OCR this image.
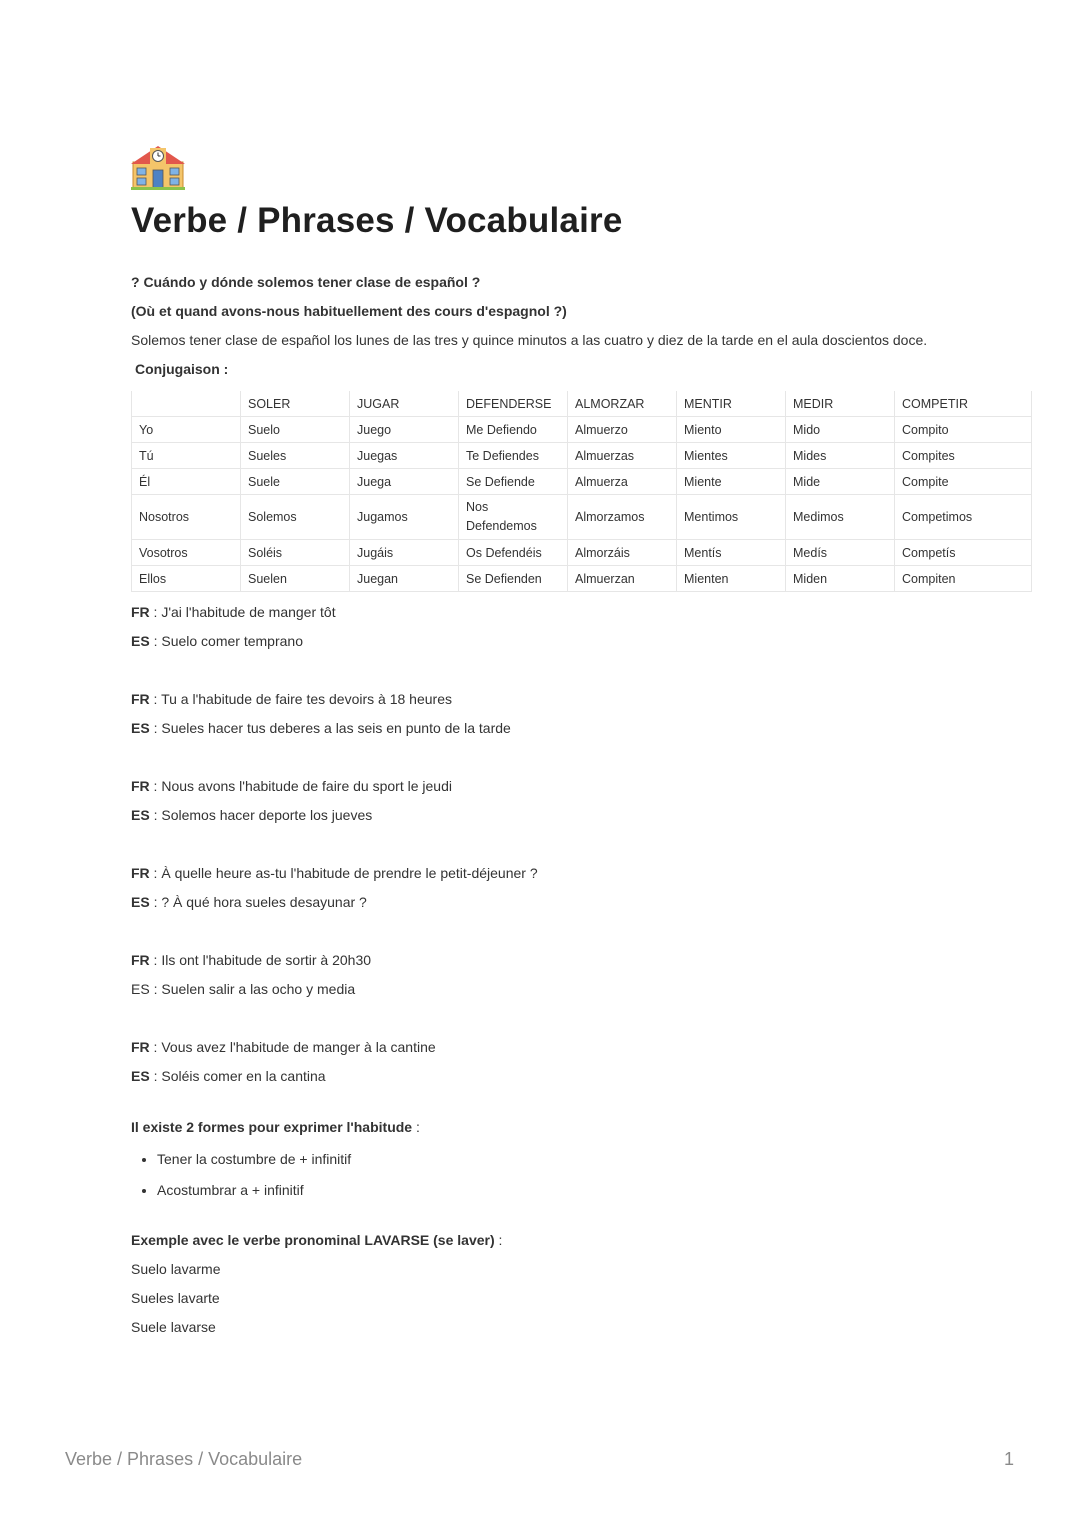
Verbe / Phrases / Vocabulaire
? Cuándo y dónde solemos tener clase de español ?
(Où et quand avons-nous habituellement des cours d'espagnol ?)
Solemos tener clase de español los lunes de las tres y quince minutos a las cuatro y diez de la tarde en el aula doscientos doce.
Conjugaison :
	SOLER	JUGAR	DEFENDERSE	ALMORZAR	MENTIR	MEDIR	COMPETIR
Yo	Suelo	Juego	Me Defiendo	Almuerzo	Miento	Mido	Compito
Tú	Sueles	Juegas	Te Defiendes	Almuerzas	Mientes	Mides	Compites
Él	Suele	Juega	Se Defiende	Almuerza	Miente	Mide	Compite
Nosotros	Solemos	Jugamos	Nos Defendemos	Almorzamos	Mentimos	Medimos	Competimos
Vosotros	Soléis	Jugáis	Os Defendéis	Almorzáis	Mentís	Medís	Competís
Ellos	Suelen	Juegan	Se Defienden	Almuerzan	Mienten	Miden	Compiten
FR : J'ai l'habitude de manger tôt
ES : Suelo comer temprano
FR : Tu a l'habitude de faire tes devoirs à 18 heures
ES : Sueles hacer tus deberes a las seis en punto de la tarde
FR : Nous avons l'habitude de faire du sport le jeudi
ES : Solemos hacer deporte los jueves
FR : À quelle heure as-tu l'habitude de prendre le petit-déjeuner ?
ES : ? À qué hora sueles desayunar ?
FR : Ils ont l'habitude de sortir à 20h30
ES : Suelen salir a las ocho y media
FR : Vous avez l'habitude de manger à la cantine
ES : Soléis comer en la cantina
Il existe 2 formes pour exprimer l'habitude :
• Tener la costumbre de + infinitif
• Acostumbrar a + infinitif
Exemple avec le verbe pronominal LAVARSE (se laver) :
Suelo lavarme
Sueles lavarte
Suele lavarse
Verbe / Phrases / Vocabulaire	1
